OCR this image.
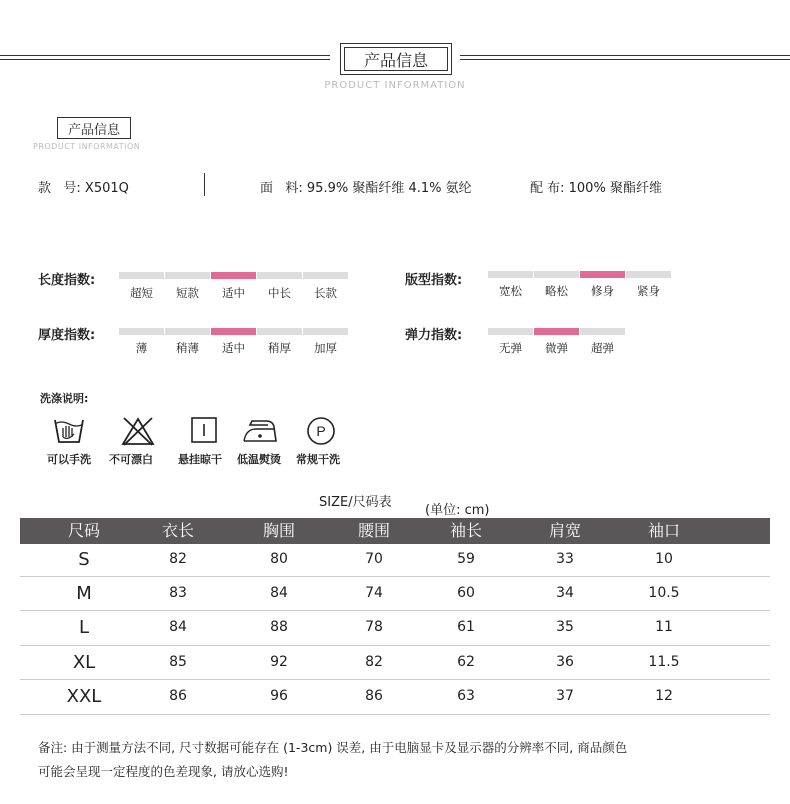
产品信息
PRODUCT INFORMATION
产品信息
PRODUCT INFORMATION
款   号: X501Q	面   料: 95.9% 聚酯纤维 4.1% 氨纶	配 布: 100% 聚酯纤维
长度指数:
超短	短款	适中	中长	长款
厚度指数:
薄	稍薄	适中	稍厚	加厚
版型指数:
宽松	略松	修身	紧身
弹力指数:
无弹	微弹	超弹
洗涤说明:
P
可以手洗 不可漂白 悬挂晾干 低温熨烫 常规干洗
SIZE/尺码表
(单位: cm)
尺码	衣长	胸围	腰围	袖长	肩宽	袖口
S	82	80	70	59	33	10
M	83	84	74	60	34	10.5
L	84	88	78	61	35	11
XL	85	92	82	62	36	11.5
XXL	86	96	86	63	37	12
备注: 由于测量方法不同, 尺寸数据可能存在 (1-3cm) 误差, 由于电脑显卡及显示器的分辨率不同, 商品颜色
可能会呈现一定程度的色差现象, 请放心选购!
